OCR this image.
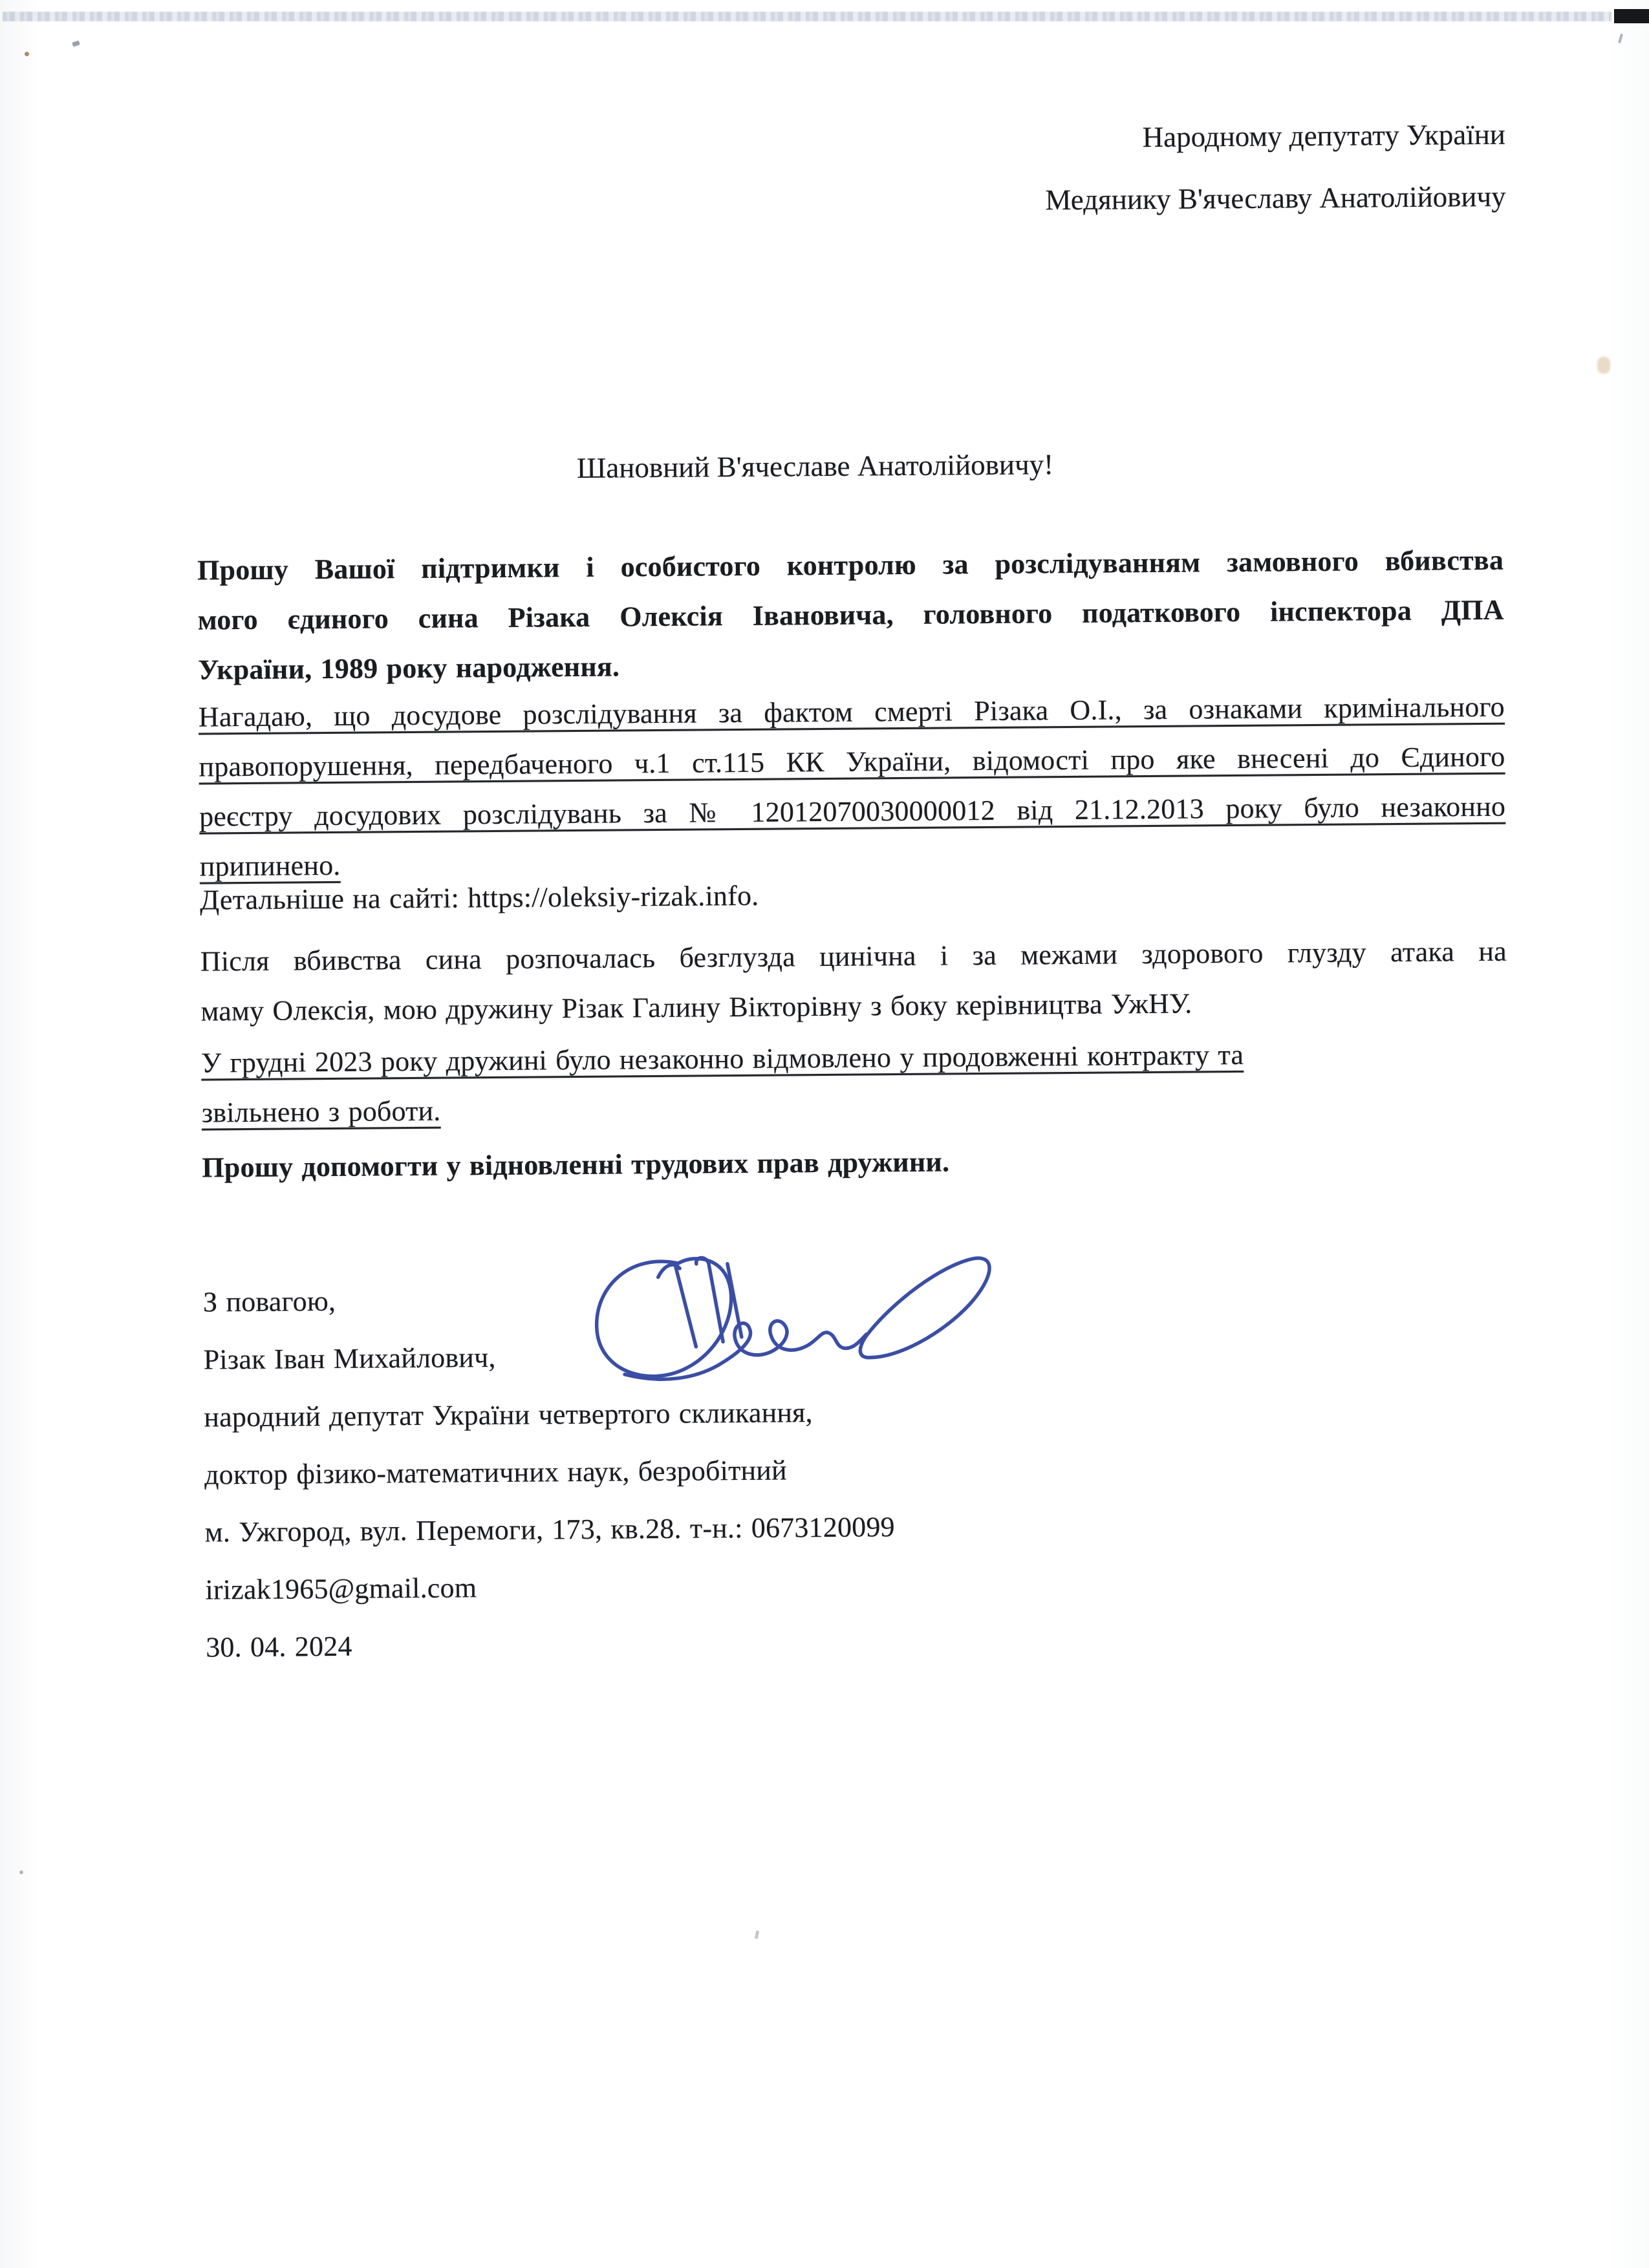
Народному депутату України
Медянику В'ячеславу Анатолійовичу
Шановний В'ячеславе Анатолійовичу!
Прошу Вашої підтримки і особистого контролю за розслідуванням замовного вбивства
мого єдиного сина Різака Олексія Івановича, головного податкового інспектора ДПА
України, 1989 року народження.
Нагадаю, що досудове розслідування за фактом смерті Різака О.І., за ознаками кримінального
правопорушення, передбаченого ч.1 ст.115 КК України, відомості про яке внесені до Єдиного
реєстру досудових розслідувань за № 12012070030000012 від 21.12.2013 року було незаконно
припинено.
Детальніше на сайті: https://oleksiy-rizak.info.
Після вбивства сина розпочалась безглузда цинічна і за межами здорового глузду атака на
маму Олексія, мою дружину Різак Галину Вікторівну з боку керівництва УжНУ.
У грудні 2023 року дружині було незаконно відмовлено у продовженні контракту та
звільнено з роботи.
Прошу допомогти у відновленні трудових прав дружини.
З повагою,
Різак Іван Михайлович,
народний депутат України четвертого скликання,
доктор фізико-математичних наук, безробітний
м. Ужгород, вул. Перемоги, 173, кв.28. т-н.: 0673120099
irizak1965@gmail.com
30. 04. 2024
